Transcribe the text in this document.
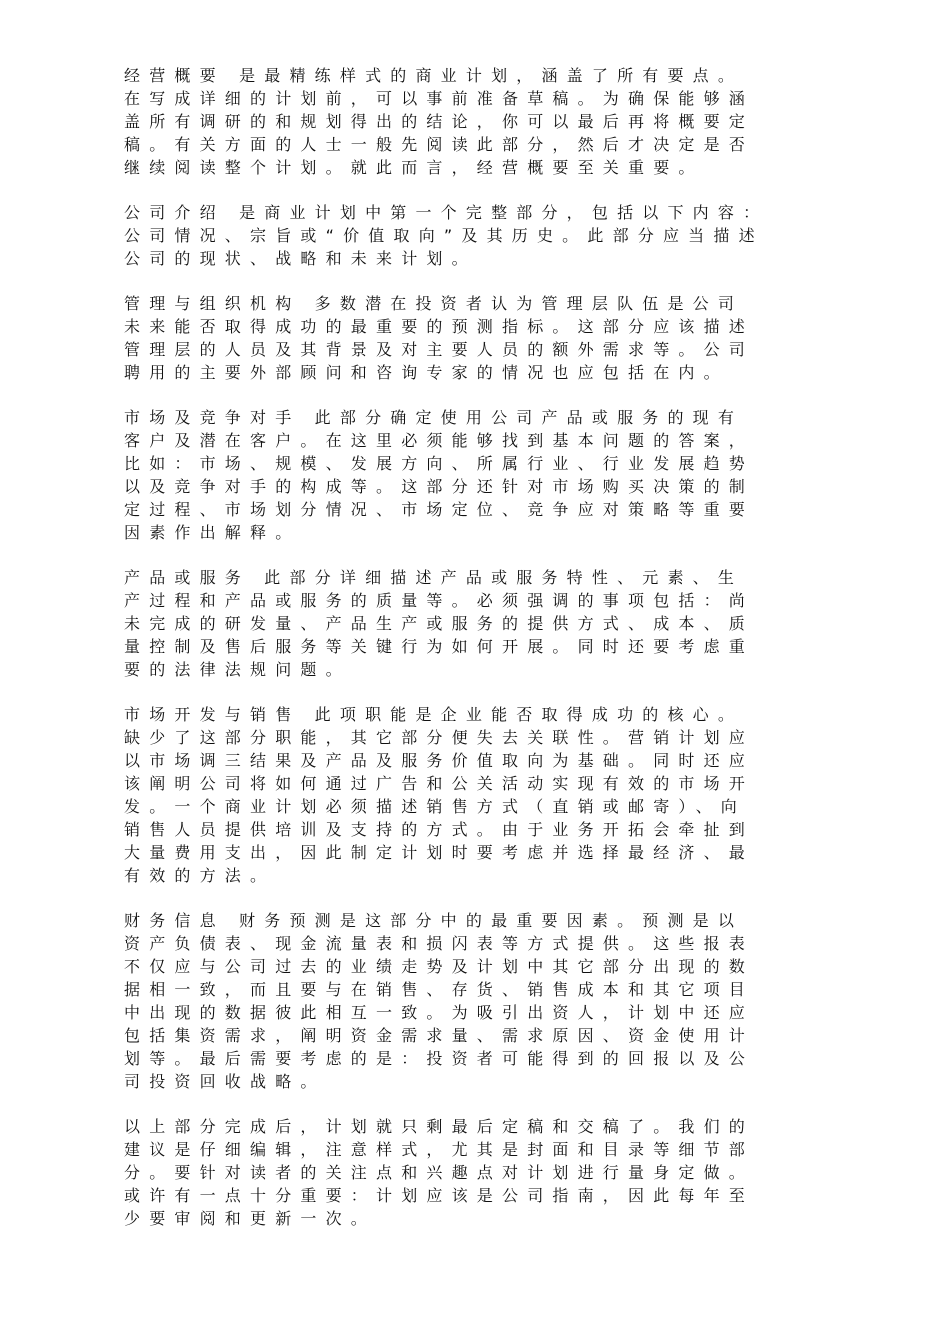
经营概要 是最精练样式的商业计划，涵盖了所有要点。
在写成详细的计划前，可以事前准备草稿。为确保能够涵
盖所有调研的和规划得出的结论，你可以最后再将概要定
稿。有关方面的人士一般先阅读此部分，然后才决定是否
继续阅读整个计划。就此而言，经营概要至关重要。
公司介绍 是商业计划中第一个完整部分，包括以下内容：
公司情况、宗旨或“价值取向”及其历史。此部分应当描述
公司的现状、战略和未来计划。
管理与组织机构 多数潜在投资者认为管理层队伍是公司
未来能否取得成功的最重要的预测指标。这部分应该描述
管理层的人员及其背景及对主要人员的额外需求等。公司
聘用的主要外部顾问和咨询专家的情况也应包括在内。
市场及竞争对手 此部分确定使用公司产品或服务的现有
客户及潜在客户。在这里必须能够找到基本问题的答案，
比如：市场、规模、发展方向、所属行业、行业发展趋势
以及竞争对手的构成等。这部分还针对市场购买决策的制
定过程、市场划分情况、市场定位、竞争应对策略等重要
因素作出解释。
产品或服务 此部分详细描述产品或服务特性、元素、生
产过程和产品或服务的质量等。必须强调的事项包括：尚
未完成的研发量、产品生产或服务的提供方式、成本、质
量控制及售后服务等关键行为如何开展。同时还要考虑重
要的法律法规问题。
市场开发与销售 此项职能是企业能否取得成功的核心。
缺少了这部分职能，其它部分便失去关联性。营销计划应
以市场调三结果及产品及服务价值取向为基础。同时还应
该阐明公司将如何通过广告和公关活动实现有效的市场开
发。一个商业计划必须描述销售方式（直销或邮寄）、向
销售人员提供培训及支持的方式。由于业务开拓会牵扯到
大量费用支出，因此制定计划时要考虑并选择最经济、最
有效的方法。
财务信息 财务预测是这部分中的最重要因素。预测是以
资产负债表、现金流量表和损闪表等方式提供。这些报表
不仅应与公司过去的业绩走势及计划中其它部分出现的数
据相一致，而且要与在销售、存货、销售成本和其它项目
中出现的数据彼此相互一致。为吸引出资人，计划中还应
包括集资需求，阐明资金需求量、需求原因、资金使用计
划等。最后需要考虑的是：投资者可能得到的回报以及公
司投资回收战略。
以上部分完成后，计划就只剩最后定稿和交稿了。我们的
建议是仔细编辑，注意样式，尤其是封面和目录等细节部
分。要针对读者的关注点和兴趣点对计划进行量身定做。
或许有一点十分重要：计划应该是公司指南，因此每年至
少要审阅和更新一次。
